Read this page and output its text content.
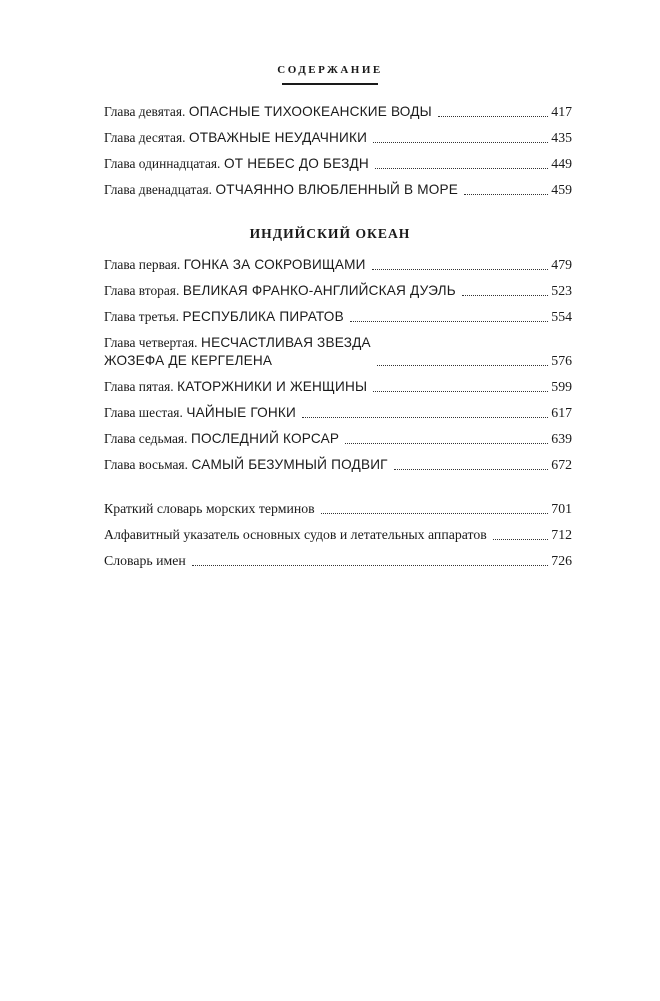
СОДЕРЖАНИЕ
Глава девятая. ОПАСНЫЕ ТИХООКЕАНСКИЕ ВОДЫ	417
Глава десятая. ОТВАЖНЫЕ НЕУДАЧНИКИ	435
Глава одиннадцатая. ОТ НЕБЕС ДО БЕЗДН	449
Глава двенадцатая. ОТЧАЯННО ВЛЮБЛЕННЫЙ В МОРЕ	459
ИНДИЙСКИЙ ОКЕАН
Глава первая. ГОНКА ЗА СОКРОВИЩАМИ	479
Глава вторая. ВЕЛИКАЯ ФРАНКО-АНГЛИЙСКАЯ ДУЭЛЬ	523
Глава третья. РЕСПУБЛИКА ПИРАТОВ	554
Глава четвертая. НЕСЧАСТЛИВАЯ ЗВЕЗДА
ЖОЗЕФА ДЕ КЕРГЕЛЕНА	576
Глава пятая. КАТОРЖНИКИ И ЖЕНЩИНЫ	599
Глава шестая. ЧАЙНЫЕ ГОНКИ	617
Глава седьмая. ПОСЛЕДНИЙ КОРСАР	639
Глава восьмая. САМЫЙ БЕЗУМНЫЙ ПОДВИГ	672
Краткий словарь морских терминов	701
Алфавитный указатель основных судов и летательных аппаратов	712
Словарь имен	726
